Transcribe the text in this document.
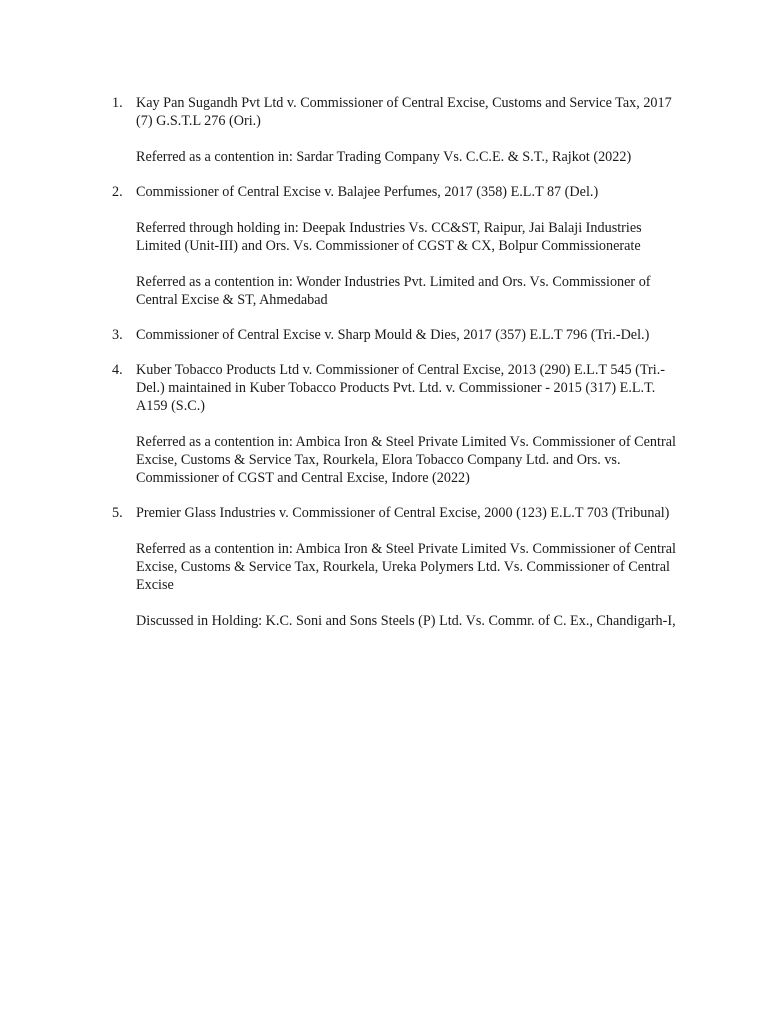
1. Kay Pan Sugandh Pvt Ltd v. Commissioner of Central Excise, Customs and Service Tax, 2017 (7) G.S.T.L 276 (Ori.)

Referred as a contention in: Sardar Trading Company Vs. C.C.E. & S.T., Rajkot (2022)

2. Commissioner of Central Excise v. Balajee Perfumes, 2017 (358) E.L.T 87 (Del.)

Referred through holding in: Deepak Industries Vs. CC&ST, Raipur, Jai Balaji Industries Limited (Unit-III) and Ors. Vs. Commissioner of CGST & CX, Bolpur Commissionerate

Referred as a contention in: Wonder Industries Pvt. Limited and Ors. Vs. Commissioner of Central Excise & ST, Ahmedabad

3. Commissioner of Central Excise v. Sharp Mould & Dies, 2017 (357) E.L.T 796 (Tri.-Del.)

4. Kuber Tobacco Products Ltd v. Commissioner of Central Excise, 2013 (290) E.L.T 545 (Tri.-Del.) maintained in Kuber Tobacco Products Pvt. Ltd. v. Commissioner - 2015 (317) E.L.T. A159 (S.C.)

Referred as a contention in: Ambica Iron & Steel Private Limited Vs. Commissioner of Central Excise, Customs & Service Tax, Rourkela, Elora Tobacco Company Ltd. and Ors. vs. Commissioner of CGST and Central Excise, Indore (2022)

5. Premier Glass Industries v. Commissioner of Central Excise, 2000 (123) E.L.T 703 (Tribunal)

Referred as a contention in: Ambica Iron & Steel Private Limited Vs. Commissioner of Central Excise, Customs & Service Tax, Rourkela, Ureka Polymers Ltd. Vs. Commissioner of Central Excise

Discussed in Holding: K.C. Soni and Sons Steels (P) Ltd. Vs. Commr. of C. Ex., Chandigarh-I,
